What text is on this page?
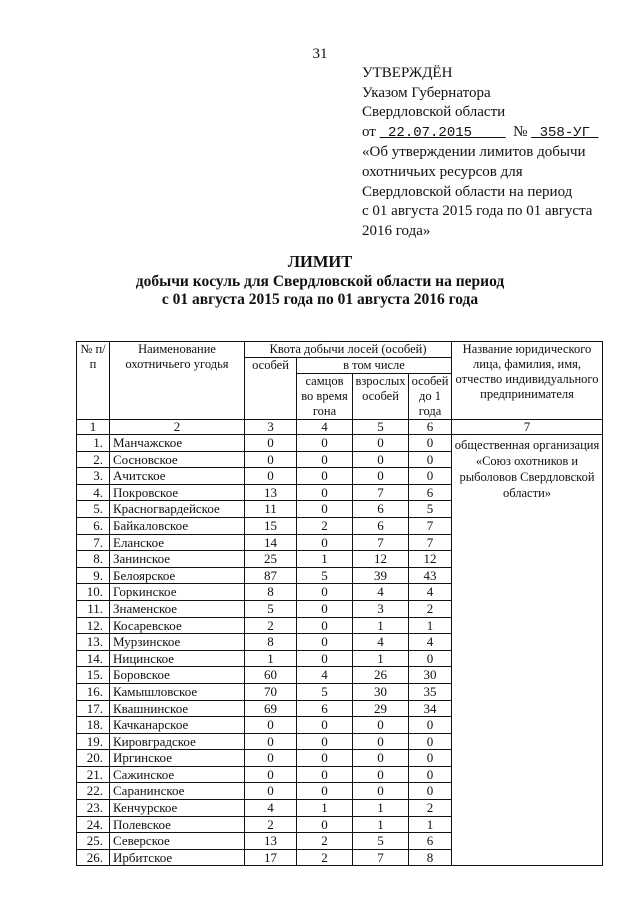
31
УТВЕРЖДЁН
Указом Губернатора
Свердловской области
от 22.07.2015	№ 358-УГ
«Об утверждении лимитов добычи
охотничьих ресурсов для
Свердловской области на период
с 01 августа 2015 года по 01 августа
2016 года»
ЛИМИТ
добычи косуль для Свердловской области на период
с 01 августа 2015 года по 01 августа 2016 года
№ п/п	Наименование охотничьего угодья	Квота добычи лосей (особей)				Название юридического лица, фамилия, имя, отчество индивидуального предпринимателя
		особей	в том числе			
			самцов во время гона	взрослых особей	особей до 1 года	
1	2	3	4	5	6	7
1.	Манчажское	0	0	0	0	общественная организация «Союз охотников и рыболовов Свердловской области»
2.	Сосновское	0	0	0	0	
3.	Ачитское	0	0	0	0	
4.	Покровское	13	0	7	6	
5.	Красногвардейское	11	0	6	5	
6.	Байкаловское	15	2	6	7	
7.	Еланское	14	0	7	7	
8.	Занинское	25	1	12	12	
9.	Белоярское	87	5	39	43	
10.	Горкинское	8	0	4	4	
11.	Знаменское	5	0	3	2	
12.	Косаревское	2	0	1	1	
13.	Мурзинское	8	0	4	4	
14.	Ницинское	1	0	1	0	
15.	Боровское	60	4	26	30	
16.	Камышловское	70	5	30	35	
17.	Квашнинское	69	6	29	34	
18.	Качканарское	0	0	0	0	
19.	Кировградское	0	0	0	0	
20.	Иргинское	0	0	0	0	
21.	Сажинское	0	0	0	0	
22.	Саранинское	0	0	0	0	
23.	Кенчурское	4	1	1	2	
24.	Полевское	2	0	1	1	
25.	Северское	13	2	5	6	
26.	Ирбитское	17	2	7	8	
